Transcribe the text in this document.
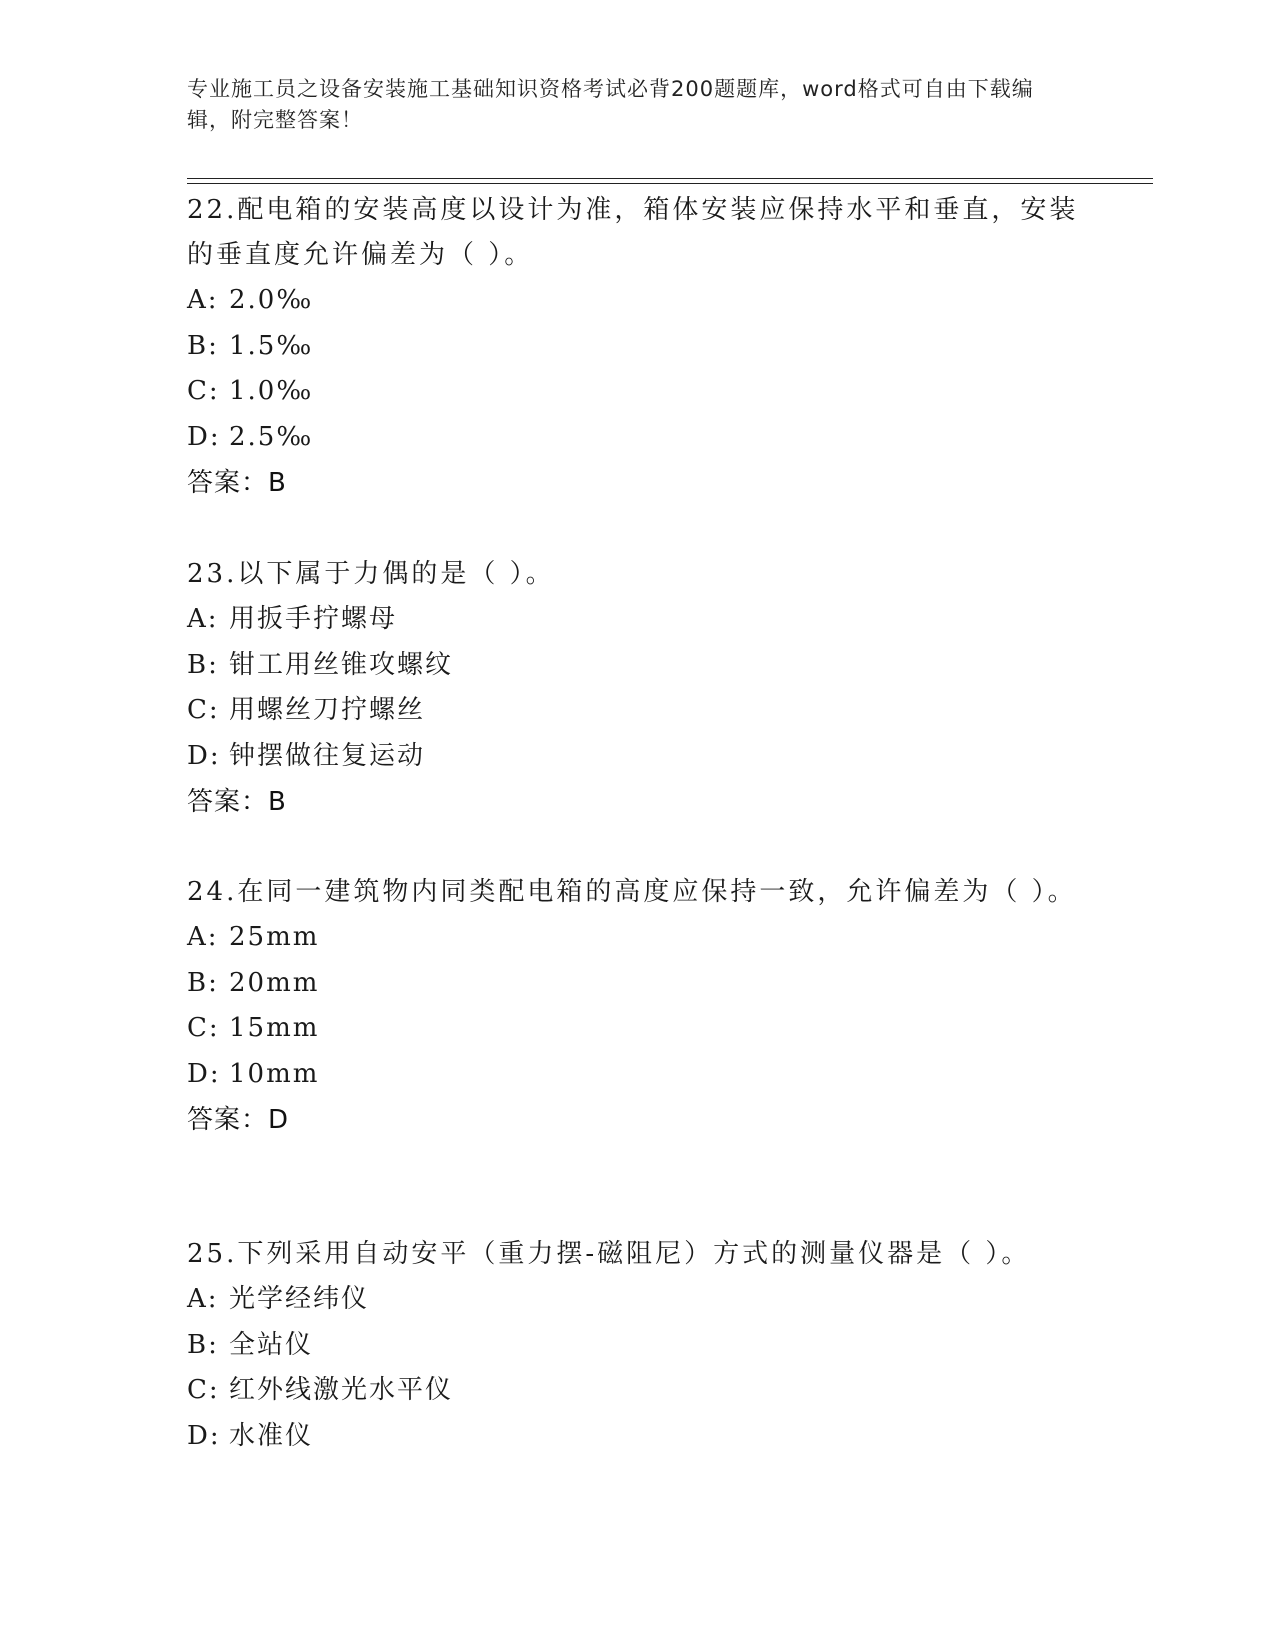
专业施工员之设备安装施工基础知识资格考试必背200题题库，word格式可自由下载编辑，附完整答案！

22.配电箱的安装高度以设计为准，箱体安装应保持水平和垂直，安装的垂直度允许偏差为（ ）。

A: 2.0‰

B: 1.5‰

C: 1.0‰

D: 2.5‰

答案：B

23.以下属于力偶的是（ ）。

A: 用扳手拧螺母

B: 钳工用丝锥攻螺纹

C: 用螺丝刀拧螺丝

D: 钟摆做往复运动

答案：B

24.在同一建筑物内同类配电箱的高度应保持一致，允许偏差为（ ）。

A: 25mm

B: 20mm

C: 15mm

D: 10mm

答案：D

25.下列采用自动安平（重力摆-磁阻尼）方式的测量仪器是（ ）。

A: 光学经纬仪

B: 全站仪

C: 红外线激光水平仪

D: 水准仪
